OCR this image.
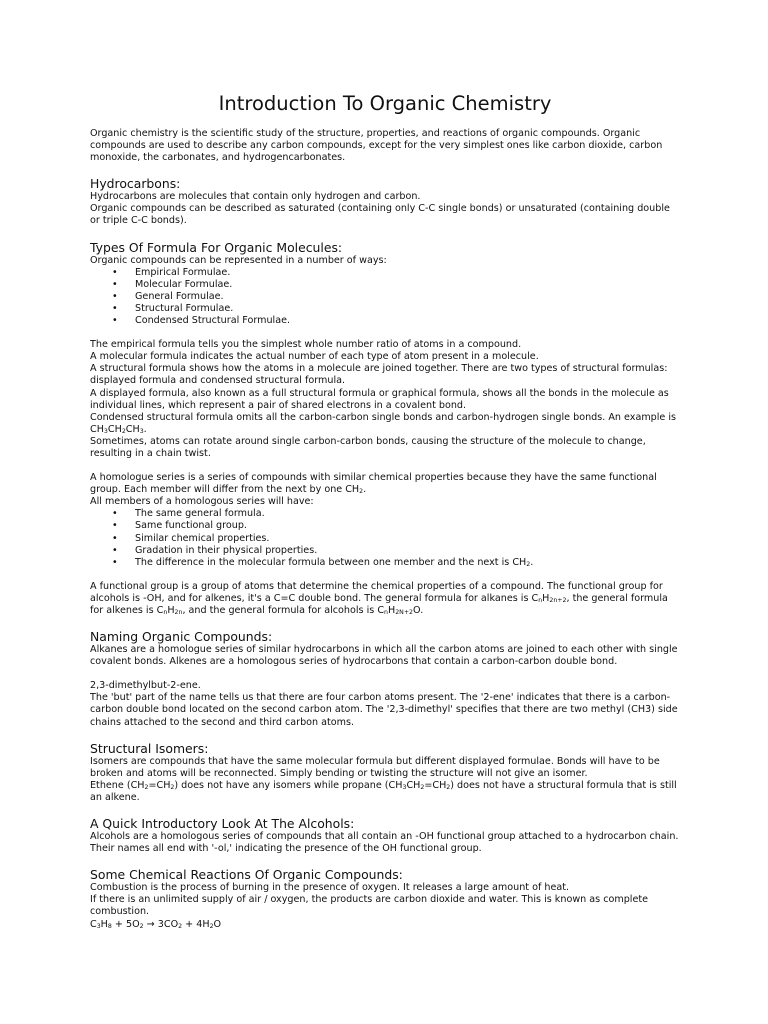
Introduction To Organic Chemistry

Organic chemistry is the scientific study of the structure, properties, and reactions of organic compounds. Organic compounds are used to describe any carbon compounds, except for the very simplest ones like carbon dioxide, carbon monoxide, the carbonates, and hydrogencarbonates.

Hydrocarbons:

Hydrocarbons are molecules that contain only hydrogen and carbon.

Organic compounds can be described as saturated (containing only C-C single bonds) or unsaturated (containing double or triple C-C bonds).

Types Of Formula For Organic Molecules:

Organic compounds can be represented in a number of ways:

• Empirical Formulae.
• Molecular Formulae.
• General Formulae.
• Structural Formulae.
• Condensed Structural Formulae.

The empirical formula tells you the simplest whole number ratio of atoms in a compound.

A molecular formula indicates the actual number of each type of atom present in a molecule.

A structural formula shows how the atoms in a molecule are joined together. There are two types of structural formulas: displayed formula and condensed structural formula.

A displayed formula, also known as a full structural formula or graphical formula, shows all the bonds in the molecule as individual lines, which represent a pair of shared electrons in a covalent bond.

Condensed structural formula omits all the carbon-carbon single bonds and carbon-hydrogen single bonds. An example is $CH_3CH_2CH_3$.

Sometimes, atoms can rotate around single carbon-carbon bonds, causing the structure of the molecule to change, resulting in a chain twist.

A homologue series is a series of compounds with similar chemical properties because they have the same functional group. Each member will differ from the next by one $CH_2$.

All members of a homologous series will have:

• The same general formula.
• Same functional group.
• Similar chemical properties.
• Gradation in their physical properties.
• The difference in the molecular formula between one member and the next is $CH_2$.

A functional group is a group of atoms that determine the chemical properties of a compound. The functional group for alcohols is -OH, and for alkenes, it's a C=C double bond. The general formula for alkanes is $C_nH_{2n+2}$, the general formula for alkenes is $C_nH_{2n}$, and the general formula for alcohols is $C_nH_{2N+2}O$.

Naming Organic Compounds:

Alkanes are a homologue series of similar hydrocarbons in which all the carbon atoms are joined to each other with single covalent bonds. Alkenes are a homologous series of hydrocarbons that contain a carbon-carbon double bond.

2,3-dimethylbut-2-ene.

The 'but' part of the name tells us that there are four carbon atoms present. The '2-ene' indicates that there is a carbon-carbon double bond located on the second carbon atom. The '2,3-dimethyl' specifies that there are two methyl (CH3) side chains attached to the second and third carbon atoms.

Structural Isomers:

Isomers are compounds that have the same molecular formula but different displayed formulae. Bonds will have to be broken and atoms will be reconnected. Simply bending or twisting the structure will not give an isomer.

Ethene $(CH_2=CH_2)$ does not have any isomers while propane $(CH_3CH_2=CH_2)$ does not have a structural formula that is still an alkene.

A Quick Introductory Look At The Alcohols:

Alcohols are a homologous series of compounds that all contain an -OH functional group attached to a hydrocarbon chain. Their names all end with '-ol,' indicating the presence of the OH functional group.

Some Chemical Reactions Of Organic Compounds:

Combustion is the process of burning in the presence of oxygen. It releases a large amount of heat.

If there is an unlimited supply of air / oxygen, the products are carbon dioxide and water. This is known as complete combustion.

$C_3H_8 + 5O_2 \to 3CO_2 + 4H_2O$
